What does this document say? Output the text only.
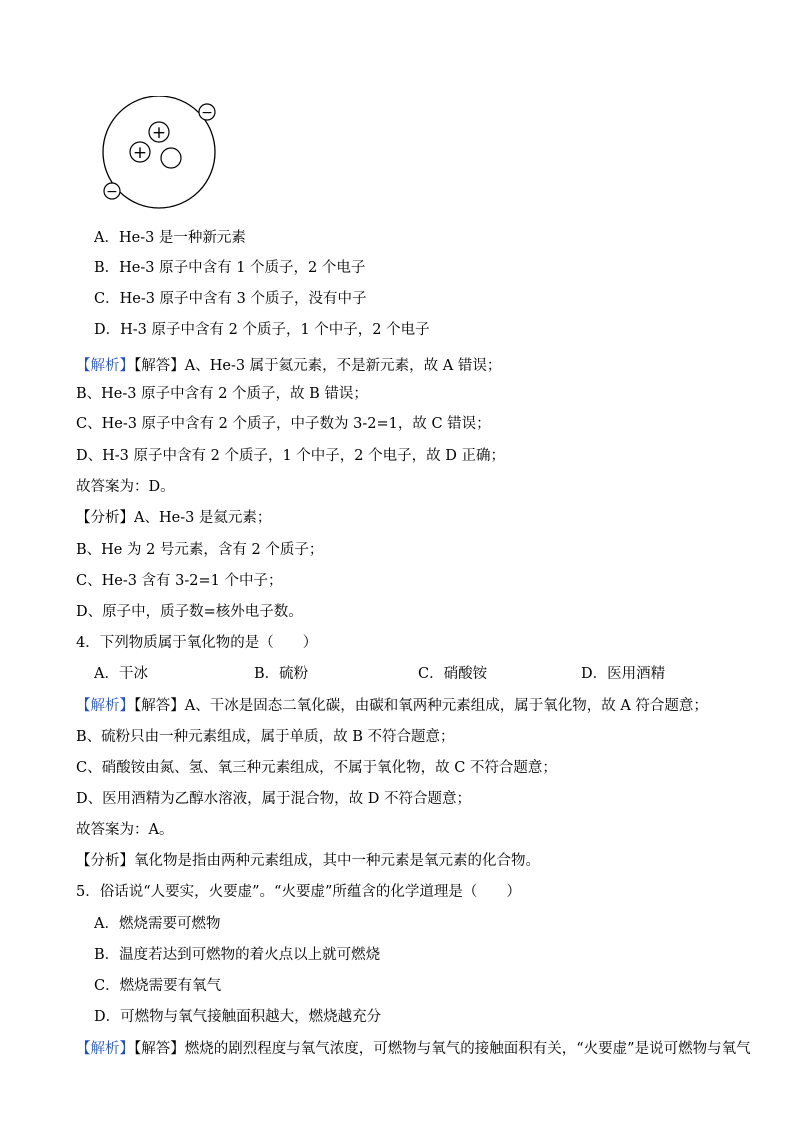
+
+
−
−
A．He-3 是一种新元素
B．He-3 原子中含有 1 个质子，2 个电子
C．He-3 原子中含有 3 个质子，没有中子
D．H-3 原子中含有 2 个质子，1 个中子，2 个电子
【解析】【解答】A、He-3 属于氦元素，不是新元素，故 A 错误；
B、He-3 原子中含有 2 个质子，故 B 错误；
C、He-3 原子中含有 2 个质子，中子数为 3-2=1，故 C 错误；
D、H-3 原子中含有 2 个质子，1 个中子，2 个电子，故 D 正确；
故答案为：D。
【分析】A、He-3 是氦元素；
B、He 为 2 号元素，含有 2 个质子；
C、He-3 含有 3-2=1 个中子；
D、原子中，质子数=核外电子数。
4．下列物质属于氧化物的是（　　）
A．干冰	B．硫粉	C．硝酸铵	D．医用酒精
【解析】【解答】A、干冰是固态二氧化碳，由碳和氧两种元素组成，属于氧化物，故 A 符合题意；
B、硫粉只由一种元素组成，属于单质，故 B 不符合题意；
C、硝酸铵由氮、氢、氧三种元素组成，不属于氧化物，故 C 不符合题意；
D、医用酒精为乙醇水溶液，属于混合物，故 D 不符合题意；
故答案为：A。
【分析】氧化物是指由两种元素组成，其中一种元素是氧元素的化合物。
5．俗话说“人要实，火要虚”。“火要虚”所蕴含的化学道理是（　　）
A．燃烧需要可燃物
B．温度若达到可燃物的着火点以上就可燃烧
C．燃烧需要有氧气
D．可燃物与氧气接触面积越大，燃烧越充分
【解析】【解答】燃烧的剧烈程度与氧气浓度，可燃物与氧气的接触面积有关，“火要虚”是说可燃物与氧气
